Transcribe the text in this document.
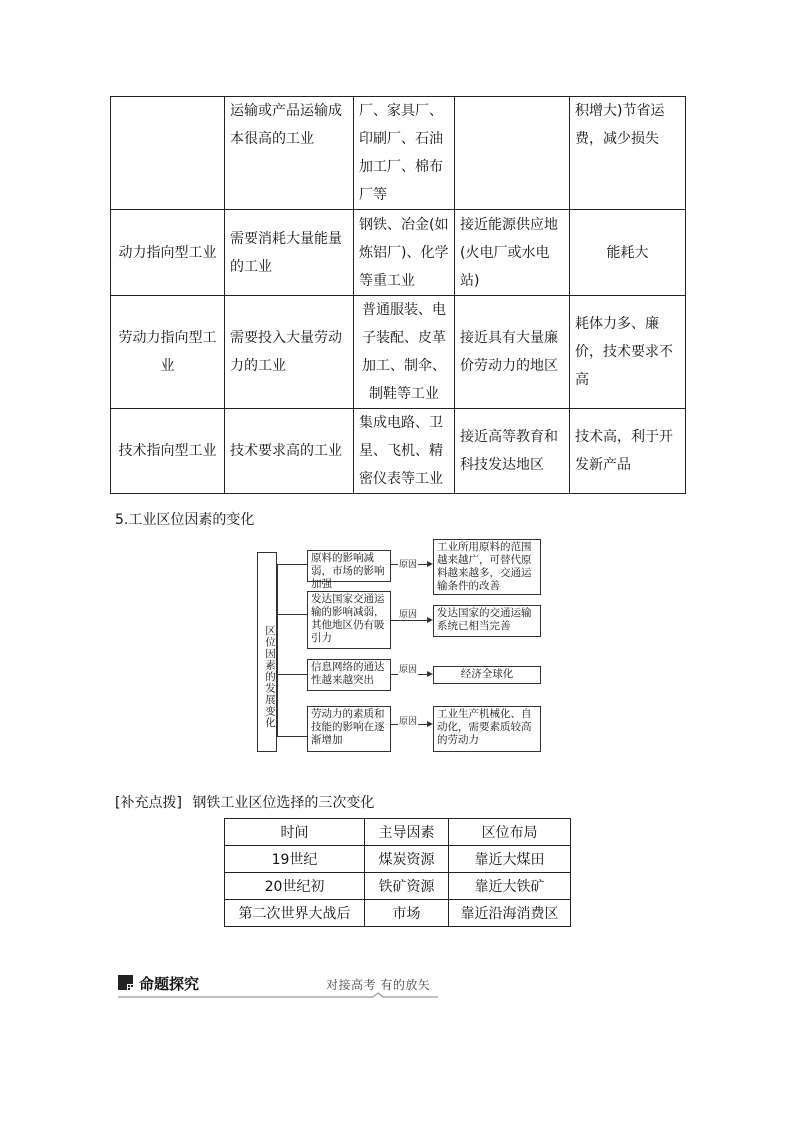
	运输或产品运输成本很高的工业	厂、家具厂、印刷厂、石油加工厂、棉布厂等		积增大)节省运费，减少损失
动力指向型工业	需要消耗大量能量的工业	钢铁、冶金(如炼铝厂)、化学等重工业	接近能源供应地(火电厂或水电站)	能耗大
劳动力指向型工业	需要投入大量劳动力的工业	普通服装、电子装配、皮革加工、制伞、制鞋等工业	接近具有大量廉价劳动力的地区	耗体力多、廉价，技术要求不高
技术指向型工业	技术要求高的工业	集成电路、卫星、飞机、精密仪表等工业	接近高等教育和科技发达地区	技术高，利于开发新产品
5.工业区位因素的变化
区位因素的发展变化
原料的影响减弱，市场的影响加强
原因
工业所用原料的范围越来越广，可替代原料越来越多，交通运输条件的改善
发达国家交通运输的影响减弱，其他地区仍有吸引力
原因	发达国家的交通运输系统已相当完善
信息网络的通达性越来越突出
原因	经济全球化
劳动力的素质和技能的影响在逐渐增加
原因
工业生产机械化、自动化，需要素质较高的劳动力
[补充点拨] 钢铁工业区位选择的三次变化
时间	主导因素	区位布局
19世纪	煤炭资源	靠近大煤田
20世纪初	铁矿资源	靠近大铁矿
第二次世界大战后	市场	靠近沿海消费区
命题探究	对接高考 有的放矢
